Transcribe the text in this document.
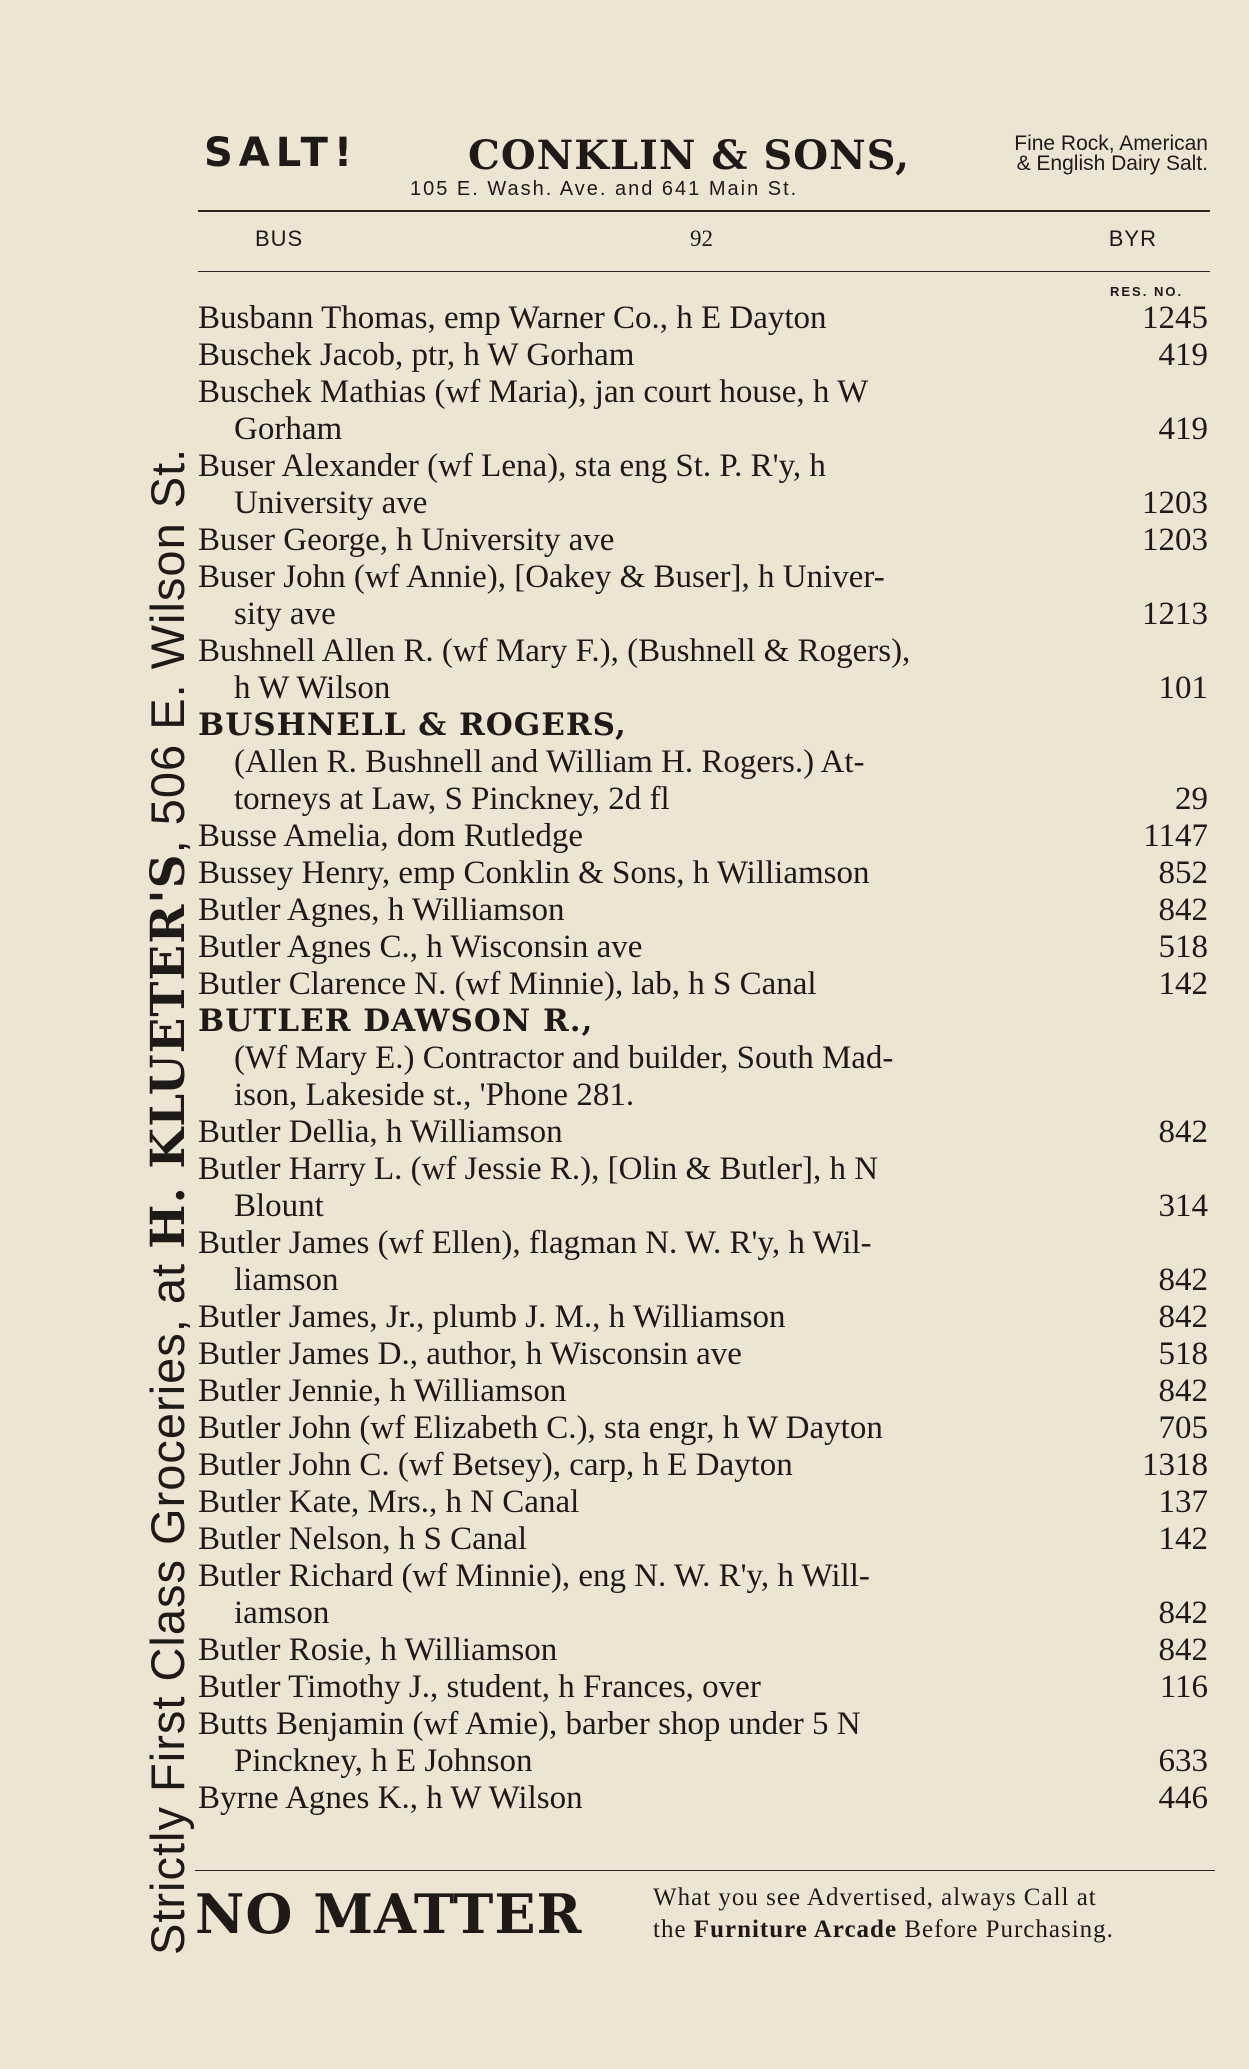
Strictly First Class Groceries, at H. KLUETER'S, 506 E. Wilson St.
SALT!	CONKLIN & SONS,	Fine Rock, American
& English Dairy Salt.
105 E. Wash. Ave. and 641 Main St.
BUS	92	BYR
RES. NO.
Busbann Thomas, emp Warner Co., h E Dayton	1245
Buschek Jacob, ptr, h W Gorham	419
Buschek Mathias (wf Maria), jan court house, h W
Gorham	419
Buser Alexander (wf Lena), sta eng St. P. R'y, h
University ave	1203
Buser George, h University ave	1203
Buser John (wf Annie), [Oakey & Buser], h Univer-
sity ave	1213
Bushnell Allen R. (wf Mary F.), (Bushnell & Rogers),
h W Wilson	101
BUSHNELL & ROGERS,
(Allen R. Bushnell and William H. Rogers.) At-
torneys at Law, S Pinckney, 2d fl	29
Busse Amelia, dom Rutledge	1147
Bussey Henry, emp Conklin & Sons, h Williamson	852
Butler Agnes, h Williamson	842
Butler Agnes C., h Wisconsin ave	518
Butler Clarence N. (wf Minnie), lab, h S Canal	142
BUTLER DAWSON R.,
(Wf Mary E.) Contractor and builder, South Mad-
ison, Lakeside st., 'Phone 281.
Butler Dellia, h Williamson	842
Butler Harry L. (wf Jessie R.), [Olin & Butler], h N
Blount	314
Butler James (wf Ellen), flagman N. W. R'y, h Wil-
liamson	842
Butler James, Jr., plumb J. M., h Williamson	842
Butler James D., author, h Wisconsin ave	518
Butler Jennie, h Williamson	842
Butler John (wf Elizabeth C.), sta engr, h W Dayton	705
Butler John C. (wf Betsey), carp, h E Dayton	1318
Butler Kate, Mrs., h N Canal	137
Butler Nelson, h S Canal	142
Butler Richard (wf Minnie), eng N. W. R'y, h Will-
iamson	842
Butler Rosie, h Williamson	842
Butler Timothy J., student, h Frances, over	116
Butts Benjamin (wf Amie), barber shop under 5 N
Pinckney, h E Johnson	633
Byrne Agnes K., h W Wilson	446
NO MATTER	What you see Advertised, always Call at
the Furniture Arcade Before Purchasing.
